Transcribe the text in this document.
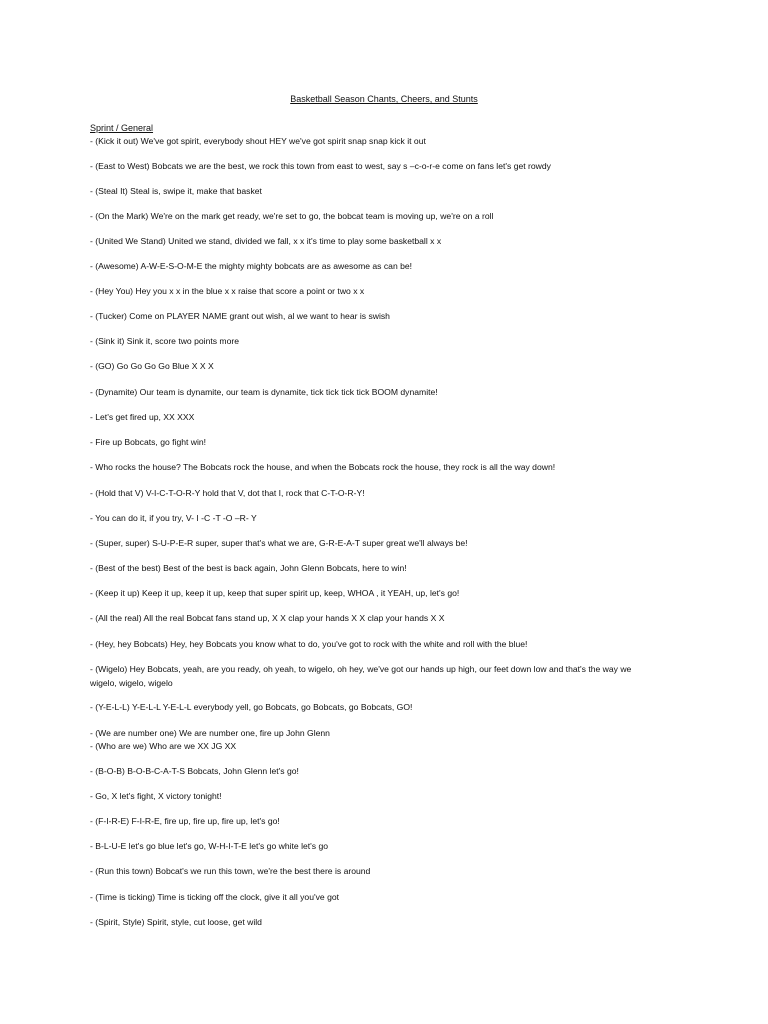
Basketball Season Chants, Cheers, and Stunts
Sprint / General
- (Kick it out) We've got spirit, everybody shout HEY we've got spirit snap snap kick it out
- (East to West) Bobcats we are the best, we rock this town from east to west, say s –c-o-r-e come on fans let's get rowdy
- (Steal It) Steal is, swipe it, make that basket
- (On the Mark) We're on the mark get ready, we're set to go, the bobcat team is moving up, we're on a roll
- (United We Stand) United we stand, divided we fall, x x it's time to play some basketball x x
- (Awesome) A-W-E-S-O-M-E the mighty mighty bobcats are as awesome as can be!
- (Hey You) Hey you x x in the blue x x raise that score a point or two x x
- (Tucker) Come on PLAYER NAME grant out wish, al we want to hear is swish
- (Sink it) Sink it, score two points more
- (GO) Go Go Go Go Blue X X X
- (Dynamite) Our team is dynamite, our team is dynamite, tick tick tick tick BOOM dynamite!
- Let's get fired up, XX XXX
- Fire up Bobcats, go fight win!
- Who rocks the house? The Bobcats rock the house, and when the Bobcats rock the house, they rock is all the way down!
- (Hold that V) V-I-C-T-O-R-Y hold that V, dot that I, rock that C-T-O-R-Y!
- You can do it, if you try, V- I -C -T -O –R- Y
- (Super, super) S-U-P-E-R super, super that's what we are, G-R-E-A-T super great we'll always be!
- (Best of the best) Best of the best is back again, John Glenn Bobcats, here to win!
- (Keep it up) Keep it up, keep it up, keep that super spirit up, keep, WHOA , it YEAH, up, let's go!
- (All the real) All the real Bobcat fans stand up, X X clap your hands X X clap your hands X X
- (Hey, hey Bobcats) Hey, hey Bobcats you know what to do, you've got to rock with the white and roll with the blue!
- (Wigelo) Hey Bobcats, yeah, are you ready, oh yeah, to wigelo, oh hey, we've got our hands up high, our feet down low and that's the way we
wigelo, wigelo, wigelo
- (Y-E-L-L) Y-E-L-L Y-E-L-L everybody yell, go Bobcats, go Bobcats, go Bobcats, GO!
- (We are number one) We are number one, fire up John Glenn
- (Who are we) Who are we XX JG XX
- (B-O-B) B-O-B-C-A-T-S Bobcats, John Glenn let's go!
- Go, X let's fight, X victory tonight!
- (F-I-R-E) F-I-R-E, fire up, fire up, fire up, let's go!
- B-L-U-E let's go blue let's go, W-H-I-T-E let's go white let's go
- (Run this town) Bobcat's we run this town, we're the best there is around
- (Time is ticking) Time is ticking off the clock, give it all you've got
- (Spirit, Style) Spirit, style, cut loose, get wild
